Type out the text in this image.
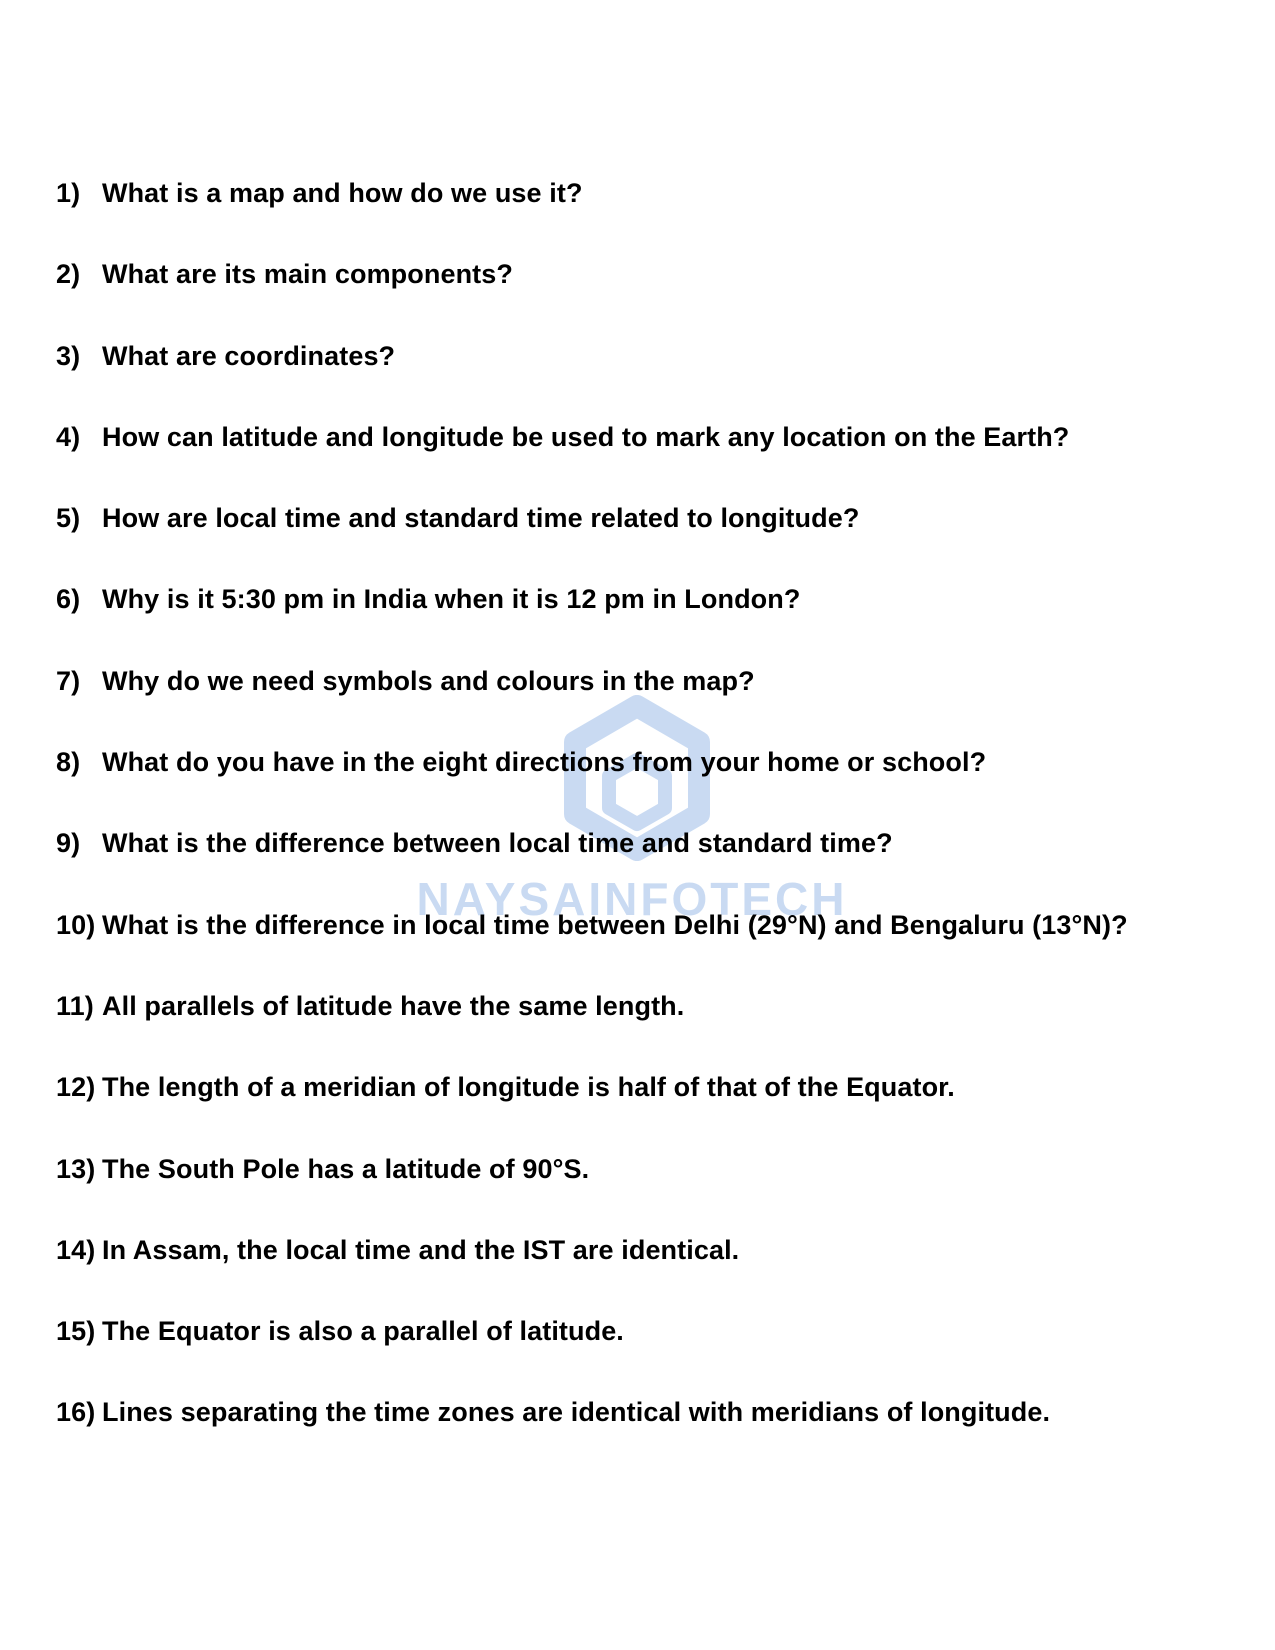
NAYSAINFOTECH
1) What is a map and how do we use it?
2) What are its main components?
3) What are coordinates?
4) How can latitude and longitude be used to mark any location on the Earth?
5) How are local time and standard time related to longitude?
6) Why is it 5:30 pm in India when it is 12 pm in London?
7) Why do we need symbols and colours in the map?
8) What do you have in the eight directions from your home or school?
9) What is the difference between local time and standard time?
10) What is the difference in local time between Delhi (29°N) and Bengaluru (13°N)?
11) All parallels of latitude have the same length.
12) The length of a meridian of longitude is half of that of the Equator.
13) The South Pole has a latitude of 90°S.
14) In Assam, the local time and the IST are identical.
15) The Equator is also a parallel of latitude.
16) Lines separating the time zones are identical with meridians of longitude.
